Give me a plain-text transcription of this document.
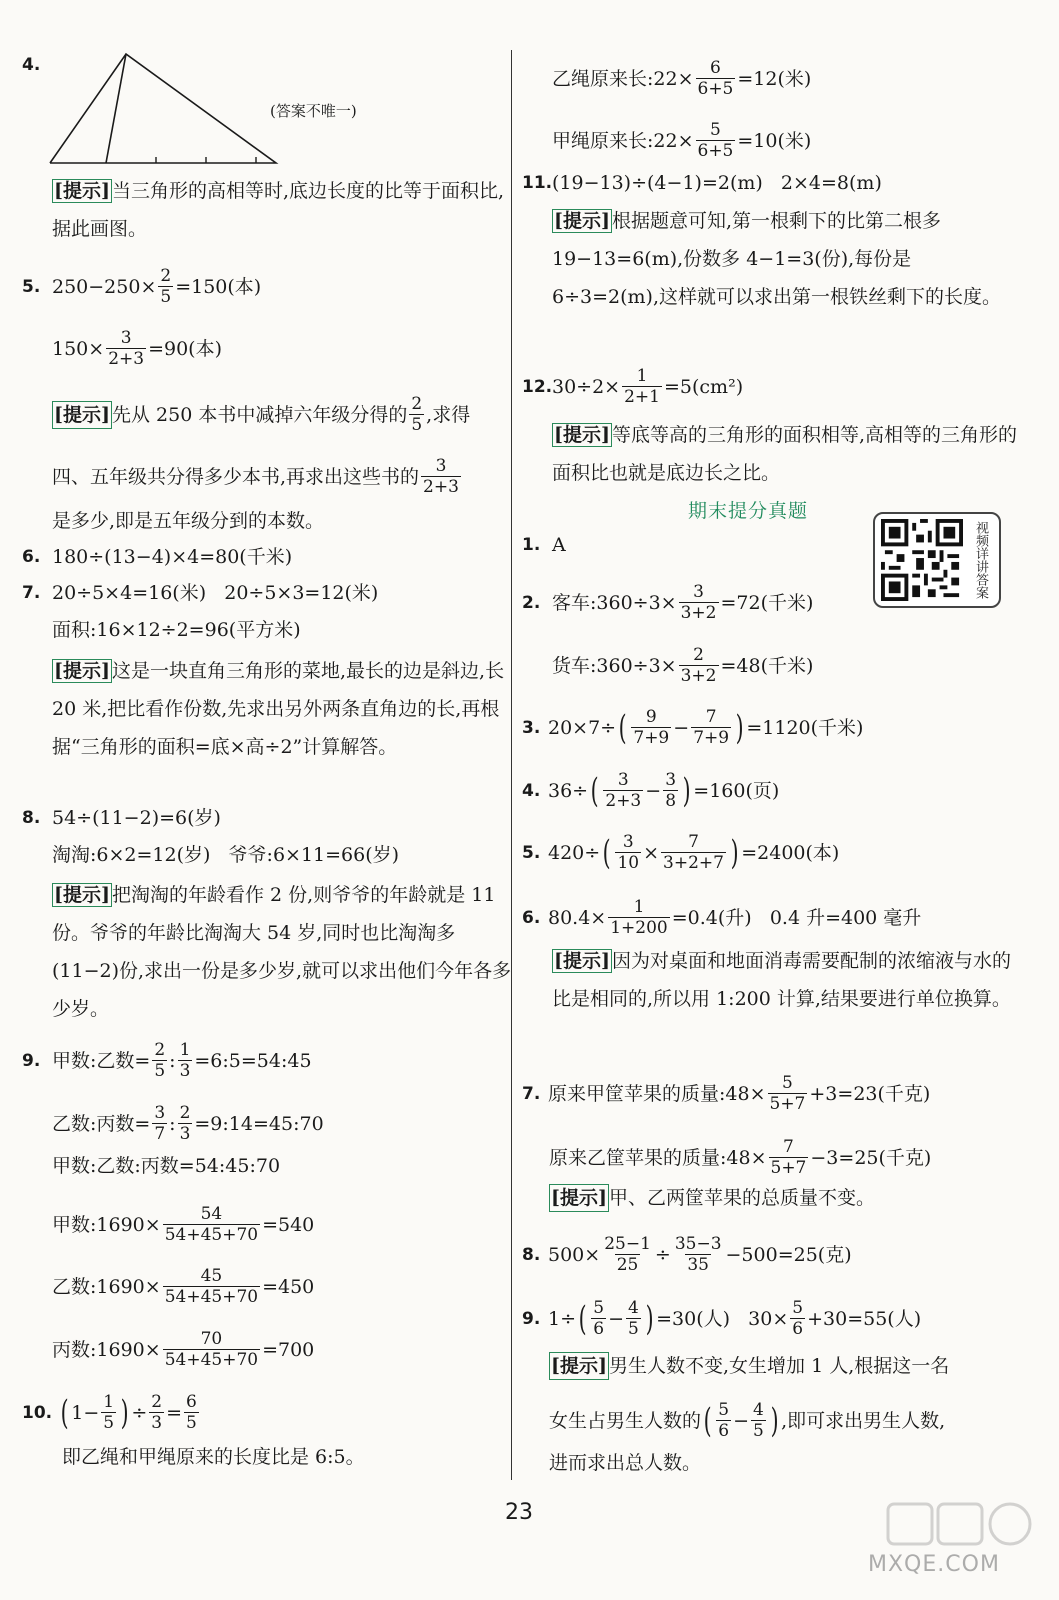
4.
(答案不唯一)
[提示] 当三角形的高相等时,底边长度的比等于面积比,据此画图。
5. $250-250\times \frac{2}{5} =150$(本)
$150\times \frac{3}{2+3} =90$(本)
[提示] 先从 250 本书中减掉六年级分得的 $\frac{2}{5}$ ,求得
四、五年级共分得多少本书,再求出这些书的 $\frac{3}{2+3}$
是多少,即是五年级分到的本数。
6. 180÷(13−4)×4=80(千米)
7. 20÷5×4=16(米)   20÷5×3=12(米)
面积:16×12÷2=96(平方米)
[提示] 这是一块直角三角形的菜地,最长的边是斜边,长 20 米,把比看作份数,先求出另外两条直角边的长,再根据“三角形的面积=底×高÷2”计算解答。
8. 54÷(11−2)=6(岁)
淘淘:6×2=12(岁)   爷爷:6×11=66(岁)
[提示] 把淘淘的年龄看作 2 份,则爷爷的年龄就是 11 份。爷爷的年龄比淘淘大 54 岁,同时也比淘淘多(11−2)份,求出一份是多少岁,就可以求出他们今年各多少岁。
9. 甲数:乙数= $\frac{2}{5}$ : $\frac{1}{3}$ =6:5=54:45
乙数:丙数= $\frac{3}{7}$ : $\frac{2}{3}$ =9:14=45:70
甲数:乙数:丙数=54:45:70
甲数:1690× $\frac{54}{54+45+70} =540$
乙数:1690× $\frac{45}{54+45+70} =450$
丙数:1690× $\frac{70}{54+45+70} =700$
10. ( $1- \frac{1}{5}$ ) ÷ $\frac{2}{3} = \frac{6}{5}$
即乙绳和甲绳原来的长度比是 6:5。
乙绳原来长:22× $\frac{6}{6+5} =12$(米)
甲绳原来长:22× $\frac{5}{6+5} =10$(米)
11. (19−13)÷(4−1)=2(m)   2×4=8(m)
[提示] 根据题意可知,第一根剩下的比第二根多 19−13=6(m),份数多 4−1=3(份),每份是 6÷3=2(m),这样就可以求出第一根铁丝剩下的长度。
12. $30\div 2\times \frac{1}{2+1} =5(cm^2)$
[提示] 等底等高的三角形的面积相等,高相等的三角形的面积比也就是底边长之比。
期末提分真题
视频详讲答案
1. A
2. 客车:360÷3× $\frac{3}{3+2} =72$(千米)
货车:360÷3× $\frac{2}{3+2} =48$(千米)
3. 20×7÷ ( $\frac{9}{7+9} - \frac{7}{7+9}$ ) =1120(千米)
4. 36÷ ( $\frac{3}{2+3} - \frac{3}{8}$ ) =160(页)
5. 420÷ ( $\frac{3}{10} \times \frac{7}{3+2+7}$ ) =2400(本)
6. $80.4\times \frac{1}{1+200} =0.4$(升)   0.4 升=400 毫升
[提示] 因为对桌面和地面消毒需要配制的浓缩液与水的比是相同的,所以用 1:200 计算,结果要进行单位换算。
7. 原来甲筐苹果的质量:48× $\frac{5}{5+7} +3=23$(千克)
原来乙筐苹果的质量:48× $\frac{7}{5+7} -3=25$(千克)
[提示] 甲、乙两筐苹果的总质量不变。
8. $500\times \frac{25-1}{25} \div \frac{35-3}{35} -500=25$(克)
9. 1÷ ( $\frac{5}{6} - \frac{4}{5}$ ) =30(人)   $30\times \frac{5}{6} +30=55$(人)
[提示] 男生人数不变,女生增加 1 人,根据这一名
女生占男生人数的 ( $\frac{5}{6} - \frac{4}{5}$ ) ,即可求出男生人数,
进而求出总人数。
23
MXQE.COM
